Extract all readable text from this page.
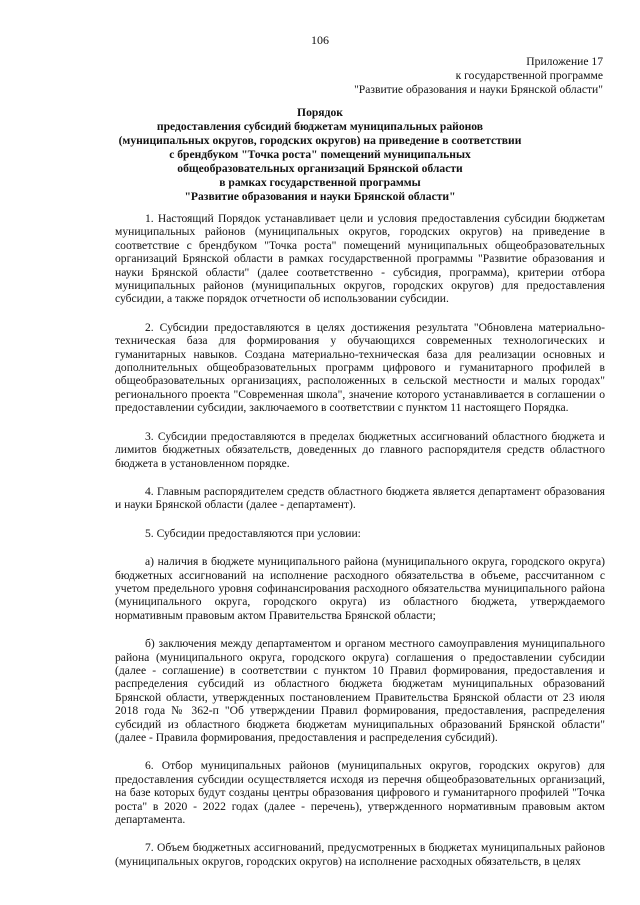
106
Приложение 17
к государственной программе
"Развитие образования и науки Брянской области"
Порядок
предоставления субсидий бюджетам муниципальных районов
(муниципальных округов, городских округов) на приведение в соответствии
с брендбуком "Точка роста" помещений муниципальных
общеобразовательных организаций Брянской области
в рамках государственной программы
"Развитие образования и науки Брянской области"

1. Настоящий Порядок устанавливает цели и условия предоставления субсидии бюджетам муниципальных районов (муниципальных округов, городских округов) на приведение в соответствие с брендбуком "Точка роста" помещений муниципальных общеобразовательных организаций Брянской области в рамках государственной программы "Развитие образования и науки Брянской области" (далее соответственно - субсидия, программа), критерии отбора муниципальных районов (муниципальных округов, городских округов) для предоставления субсидии, а также порядок отчетности об использовании субсидии.

2. Субсидии предоставляются в целях достижения результата "Обновлена материально-техническая база для формирования у обучающихся современных технологических и гуманитарных навыков. Создана материально-техническая база для реализации основных и дополнительных общеобразовательных программ цифрового и гуманитарного профилей в общеобразовательных организациях, расположенных в сельской местности и малых городах" регионального проекта "Современная школа", значение которого устанавливается в соглашении о предоставлении субсидии, заключаемого в соответствии с пунктом 11 настоящего Порядка.

3. Субсидии предоставляются в пределах бюджетных ассигнований областного бюджета и лимитов бюджетных обязательств, доведенных до главного распорядителя средств областного бюджета в установленном порядке.

4. Главным распорядителем средств областного бюджета является департамент образования и науки Брянской области (далее - департамент).

5. Субсидии предоставляются при условии:

а) наличия в бюджете муниципального района (муниципального округа, городского округа) бюджетных ассигнований на исполнение расходного обязательства в объеме, рассчитанном с учетом предельного уровня софинансирования расходного обязательства муниципального района (муниципального округа, городского округа) из областного бюджета, утверждаемого нормативным правовым актом Правительства Брянской области;

б) заключения между департаментом и органом местного самоуправления муниципального района (муниципального округа, городского округа) соглашения о предоставлении субсидии (далее - соглашение) в соответствии с пунктом 10 Правил формирования, предоставления и распределения субсидий из областного бюджета бюджетам муниципальных образований Брянской области, утвержденных постановлением Правительства Брянской области от 23 июля 2018 года № 362-п "Об утверждении Правил формирования, предоставления, распределения субсидий из областного бюджета бюджетам муниципальных образований Брянской области" (далее - Правила формирования, предоставления и распределения субсидий).

6. Отбор муниципальных районов (муниципальных округов, городских округов) для предоставления субсидии осуществляется исходя из перечня общеобразовательных организаций, на базе которых будут созданы центры образования цифрового и гуманитарного профилей "Точка роста" в 2020 - 2022 годах (далее - перечень), утвержденного нормативным правовым актом департамента.

7. Объем бюджетных ассигнований, предусмотренных в бюджетах муниципальных районов (муниципальных округов, городских округов) на исполнение расходных обязательств, в целях
